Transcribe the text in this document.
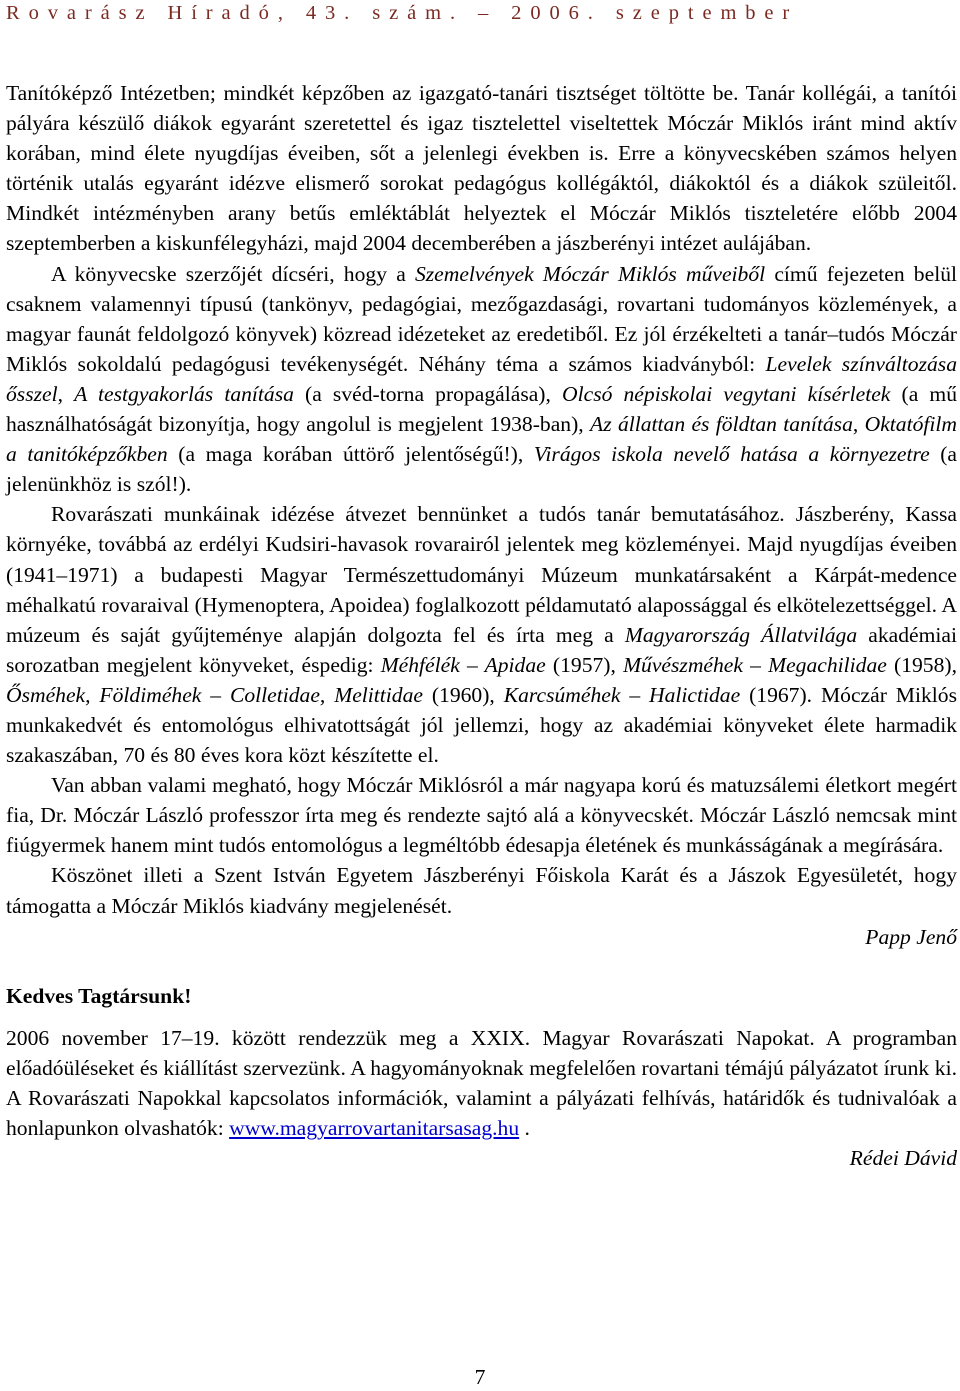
Rovarász Híradó, 43. szám. – 2006. szeptember

Tanítóképző Intézetben; mindkét képzőben az igazgató-tanári tisztséget töltötte be. Tanár kollégái, a tanítói pályára készülő diákok egyaránt szeretettel és igaz tisztelettel viseltettek Móczár Miklós iránt mind aktív korában, mind élete nyugdíjas éveiben, sőt a jelenlegi években is. Erre a könyvecskében számos helyen történik utalás egyaránt idézve elismerő sorokat pedagógus kollégáktól, diákoktól és a diákok szüleitől. Mindkét intézményben arany betűs emléktáblát helyeztek el Móczár Miklós tiszteletére előbb 2004 szeptemberben a kiskunfélegyházi, majd 2004 decemberében a jászberényi intézet aulájában.

A könyvecske szerzőjét dícséri, hogy a Szemelvények Móczár Miklós műveiből című fejezeten belül csaknem valamennyi típusú (tankönyv, pedagógiai, mezőgazdasági, rovartani tudományos közlemények, a magyar faunát feldolgozó könyvek) közread idézeteket az eredetiből. Ez jól érzékelteti a tanár–tudós Móczár Miklós sokoldalú pedagógusi tevékenységét. Néhány téma a számos kiadványból: Levelek színváltozása ősszel, A testgyakorlás tanítása (a svéd-torna propagálása), Olcsó népiskolai vegytani kísérletek (a mű használhatóságát bizonyítja, hogy angolul is megjelent 1938-ban), Az állattan és földtan tanítása, Oktatófilm a tanitóképzőkben (a maga korában úttörő jelentőségű!), Virágos iskola nevelő hatása a környezetre (a jelenünkhöz is szól!).

Rovarászati munkáinak idézése átvezet bennünket a tudós tanár bemutatásához. Jászberény, Kassa környéke, továbbá az erdélyi Kudsiri-havasok rovarairól jelentek meg közleményei. Majd nyugdíjas éveiben (1941–1971) a budapesti Magyar Természettudományi Múzeum munkatársaként a Kárpát-medence méhalkatú rovaraival (Hymenoptera, Apoidea) foglalkozott példamutató alapossággal és elkötelezettséggel. A múzeum és saját gyűjteménye alapján dolgozta fel és írta meg a Magyarország Állatvilága akadémiai sorozatban megjelent könyveket, éspedig: Méhfélék – Apidae (1957), Művészméhek – Megachilidae (1958), Ősméhek, Földiméhek – Colletidae, Melittidae (1960), Karcsúméhek – Halictidae (1967). Móczár Miklós munkakedvét és entomológus elhivatottságát jól jellemzi, hogy az akadémiai könyveket élete harmadik szakaszában, 70 és 80 éves kora közt készítette el.

Van abban valami megható, hogy Móczár Miklósról a már nagyapa korú és matuzsálemi életkort megért fia, Dr. Móczár László professzor írta meg és rendezte sajtó alá a könyvecskét. Móczár László nemcsak mint fiúgyermek hanem mint tudós entomológus a legméltóbb édesapja életének és munkásságának a megírására.

Köszönet illeti a Szent István Egyetem Jászberényi Főiskola Karát és a Jászok Egyesületét, hogy támogatta a Móczár Miklós kiadvány megjelenését.

Papp Jenő

Kedves Tagtársunk!

2006 november 17–19. között rendezzük meg a XXIX. Magyar Rovarászati Napokat. A programban előadóüléseket és kiállítást szervezünk. A hagyományoknak megfelelően rovartani témájú pályázatot írunk ki. A Rovarászati Napokkal kapcsolatos információk, valamint a pályázati felhívás, határidők és tudnivalóak a honlapunkon olvashatók: www.magyarrovartanitarsasag.hu .

Rédei Dávid

7
